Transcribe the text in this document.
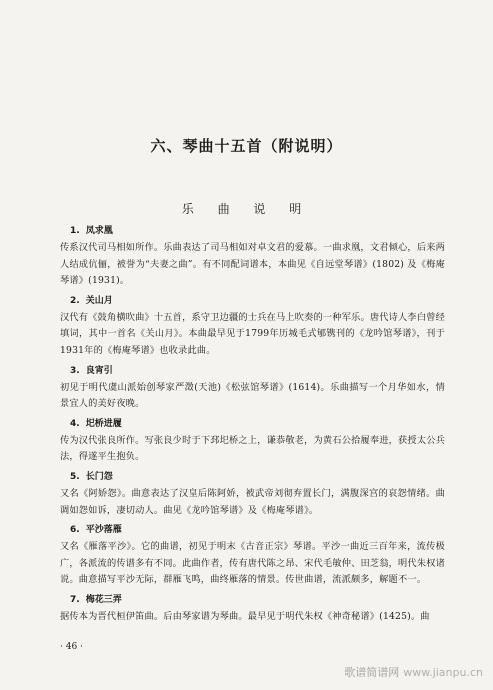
六、琴曲十五首（附说明）
乐 曲 说 明
1. 凤求凰
传系汉代司马相如所作。乐曲表达了司马相如对卓文君的爱慕。一曲求凰，文君倾心，后来两人结成伉俪，被誉为“夫妻之曲”。有不同配词谱本，本曲见《自远堂琴谱》(1802) 及《梅庵琴谱》(1931)。
2. 关山月
汉代有《鼓角横吹曲》十五首，系守卫边疆的士兵在马上吹奏的一种军乐。唐代诗人李白曾经填词，其中一首名《关山月》。本曲最早见于1799年历城毛式郇镌刊的《龙吟馆琴谱》，刊于1931年的《梅庵琴谱》也收录此曲。
3. 良宵引
初见于明代虞山派始创琴家严澂(天池)《松弦馆琴谱》(1614)。乐曲描写一个月华如水，情景宜人的美好夜晚。
4. 圯桥进履
传为汉代张良所作。写张良少时于下邳圯桥之上，谦恭敬老，为黄石公拾履奉进，获授太公兵法，得遂平生抱负。
5. 长门怨
又名《阿娇怨》。曲意表达了汉皇后陈阿娇，被武帝刘彻弃置长门，满腹深宫的哀怨情绪。曲调如怨如诉，凄切动人。曲见《龙吟馆琴谱》及《梅庵琴谱》。
6. 平沙落雁
又名《雁落平沙》。它的曲谱，初见于明末《古音正宗》琴谱。平沙一曲近三百年来，流传极广，各派流的传谱多有不同。此曲作者，传有唐代陈之昂、宋代毛敏仲、田芝翁，明代朱权诸说。曲意描写平沙无际，群雁飞鸣，曲终雁落的情景。传世曲谱，流派颇多，解题不一。
7. 梅花三弄
据传本为晋代桓伊笛曲。后由琴家谱为琴曲。最早见于明代朱权《神奇秘谱》(1425)。曲
· 46 ·
歌谱简谱网 www.jianpu.cn
